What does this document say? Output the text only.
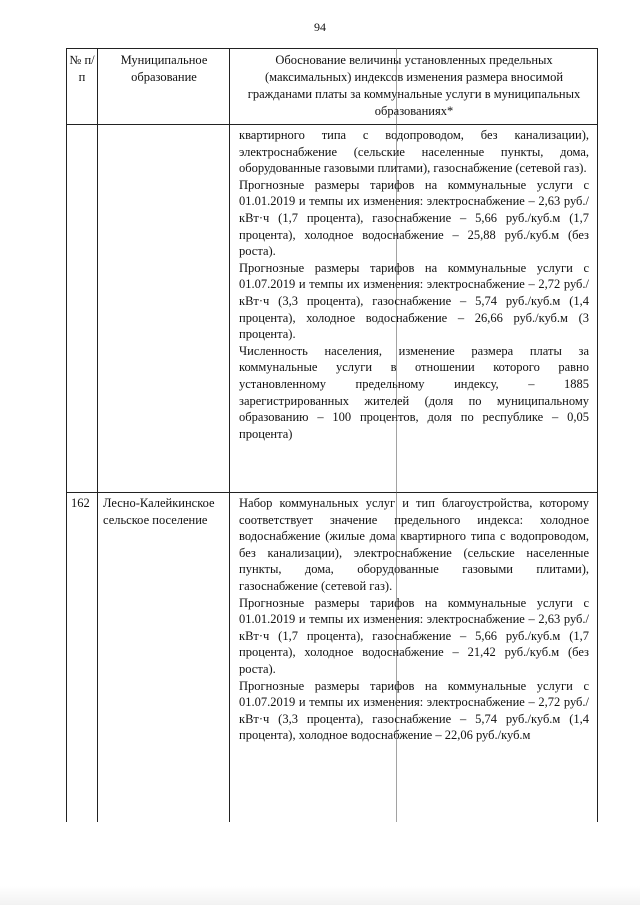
94
№ п/п
Муниципальное образование
Обоснование величины установленных предельных (максимальных) индексов изменения размера вносимой гражданами платы за коммунальные услуги в муниципальных образованиях*

квартирного типа с водопроводом, без канализации), электроснабжение (сельские населенные пункты, дома, оборудованные газовыми плитами), газоснабжение (сетевой газ).

Прогнозные размеры тарифов на коммунальные услуги с 01.01.2019 и темпы их изменения: электроснабжение – 2,63 руб./кВт·ч (1,7 процента), газоснабжение – 5,66 руб./куб.м (1,7 процента), холодное водоснабжение – 25,88 руб./куб.м (без роста).

Прогнозные размеры тарифов на коммунальные услуги с 01.07.2019 и темпы их изменения: электроснабжение – 2,72 руб./кВт·ч (3,3 процента), газоснабжение – 5,74 руб./куб.м (1,4 процента), холодное водоснабжение – 26,66 руб./куб.м (3 процента).

Численность населения, изменение размера платы за коммунальные услуги в отношении которого равно установленному предельному индексу, – 1885 зарегистрированных жителей (доля по муниципальному образованию – 100 процентов, доля по республике – 0,05 процента)

162	Лесно-Калейкинское сельское поселение

Набор коммунальных услуг и тип благоустройства, которому соответствует значение предельного индекса: холодное водоснабжение (жилые дома квартирного типа с водопроводом, без канализации), электроснабжение (сельские населенные пункты, дома, оборудованные газовыми плитами), газоснабжение (сетевой газ).

Прогнозные размеры тарифов на коммунальные услуги с 01.01.2019 и темпы их изменения: электроснабжение – 2,63 руб./кВт·ч (1,7 процента), газоснабжение – 5,66 руб./куб.м (1,7 процента), холодное водоснабжение – 21,42 руб./куб.м (без роста).

Прогнозные размеры тарифов на коммунальные услуги с 01.07.2019 и темпы их изменения: электроснабжение – 2,72 руб./кВт·ч (3,3 процента), газоснабжение – 5,74 руб./куб.м (1,4 процента), холодное водоснабжение – 22,06 руб./куб.м
